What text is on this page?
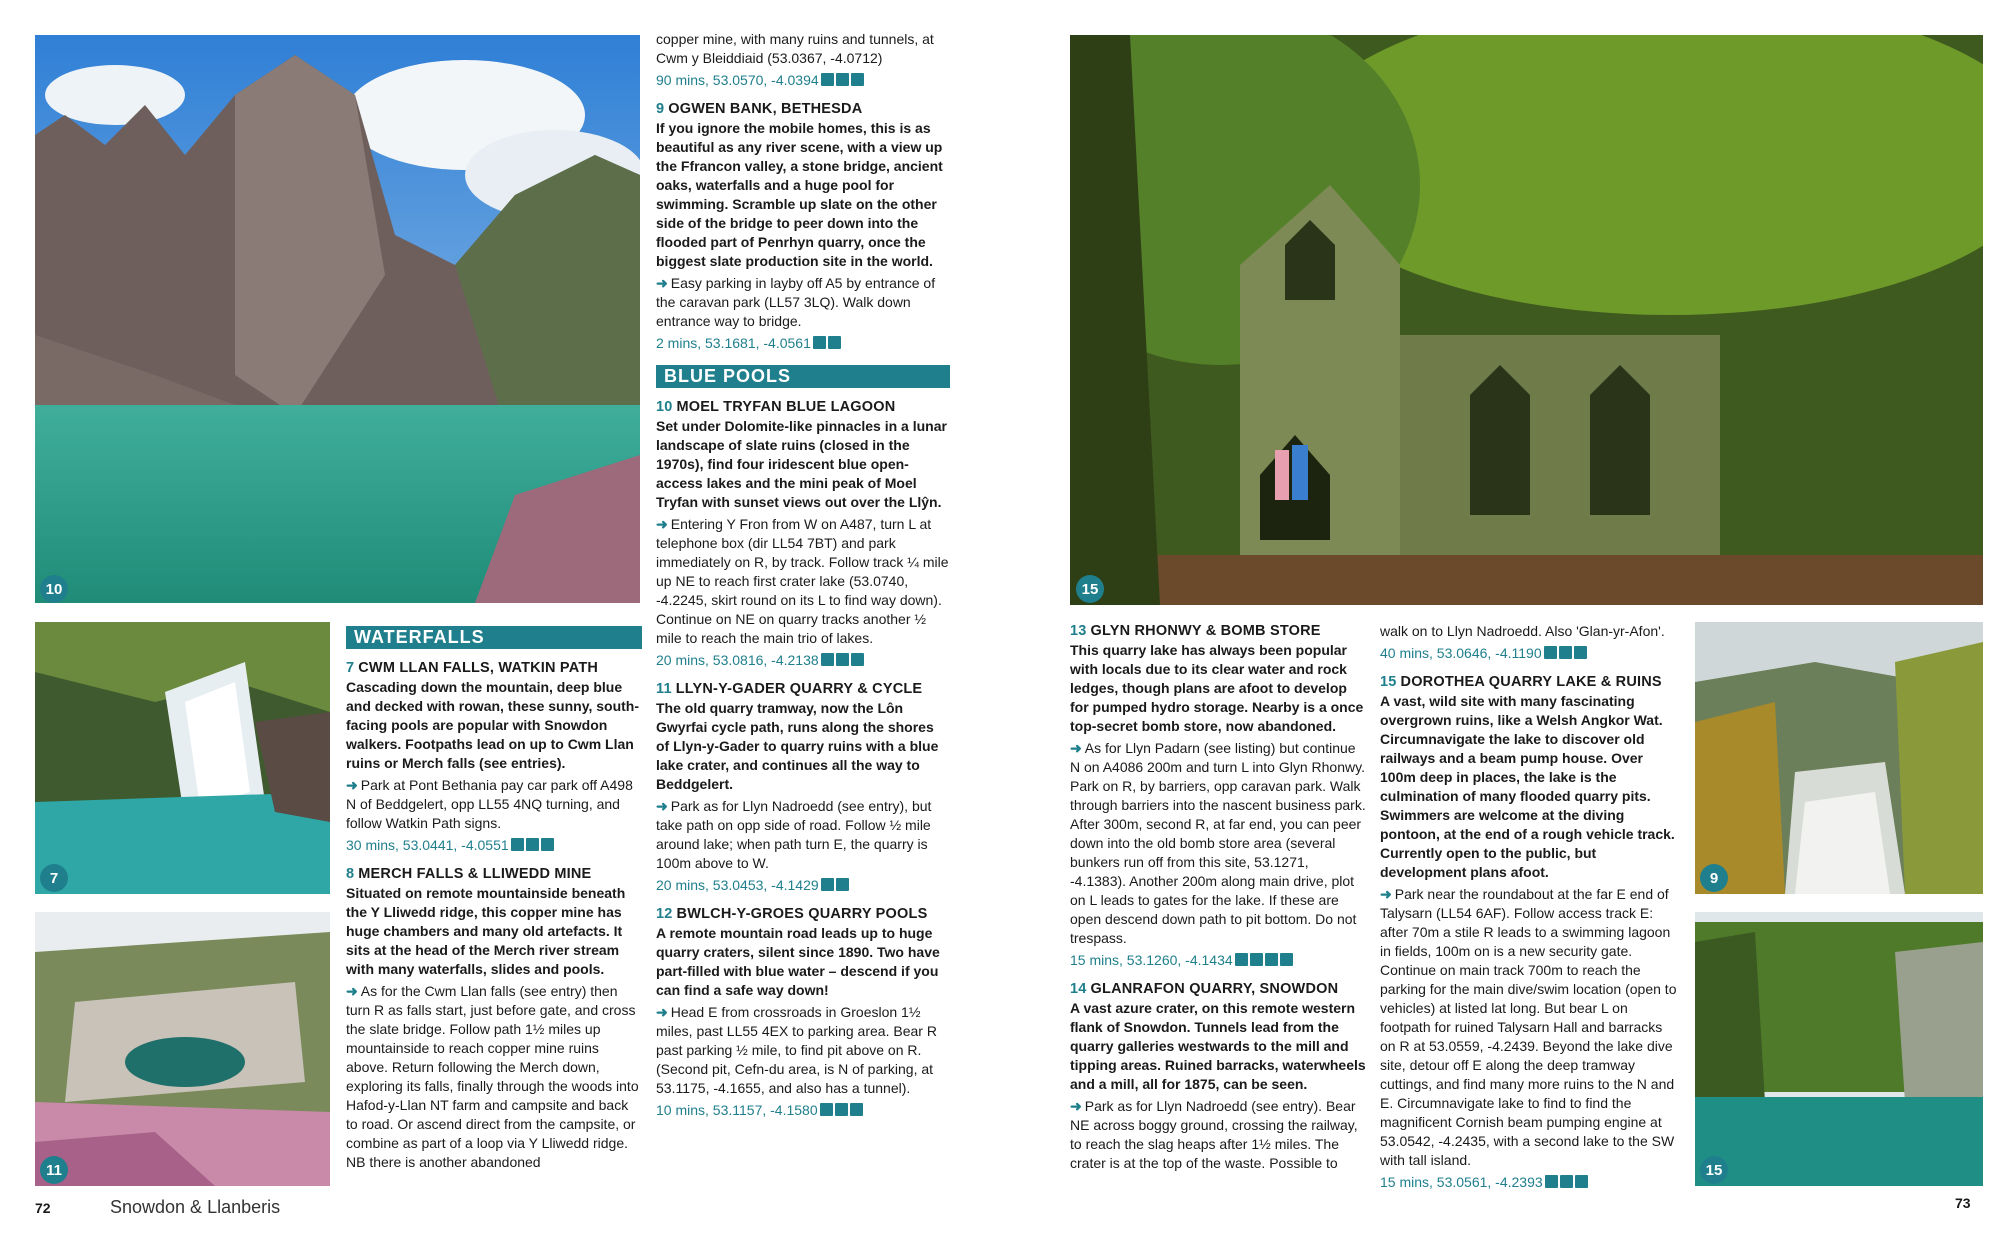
10
7
11
15
9
15

WATERFALLS

7 CWM LLAN FALLS, WATKIN PATH

Cascading down the mountain, deep blue and decked with rowan, these sunny, south-facing pools are popular with Snowdon walkers. Footpaths lead on up to Cwm Llan ruins or Merch falls (see entries).

➜ Park at Pont Bethania pay car park off A498 N of Beddgelert, opp LL55 4NQ turning, and follow Watkin Path signs.

30 mins, 53.0441, -4.0551

8 MERCH FALLS & LLIWEDD MINE

Situated on remote mountainside beneath the Y Lliwedd ridge, this copper mine has huge chambers and many old artefacts. It sits at the head of the Merch river stream with many waterfalls, slides and pools.

➜ As for the Cwm Llan falls (see entry) then turn R as falls start, just before gate, and cross the slate bridge. Follow path 1½ miles up mountainside to reach copper mine ruins above. Return following the Merch down, exploring its falls, finally through the woods into Hafod-y-Llan NT farm and campsite and back to road. Or ascend direct from the campsite, or combine as part of a loop via Y Lliwedd ridge. NB there is another abandoned

copper mine, with many ruins and tunnels, at Cwm y Bleiddiaid (53.0367, -4.0712)

90 mins, 53.0570, -4.0394

9 OGWEN BANK, BETHESDA

If you ignore the mobile homes, this is as beautiful as any river scene, with a view up the Ffrancon valley, a stone bridge, ancient oaks, waterfalls and a huge pool for swimming. Scramble up slate on the other side of the bridge to peer down into the flooded part of Penrhyn quarry, once the biggest slate production site in the world.

➜ Easy parking in layby off A5 by entrance of the caravan park (LL57 3LQ). Walk down entrance way to bridge.

2 mins, 53.1681, -4.0561

BLUE POOLS

10 MOEL TRYFAN BLUE LAGOON

Set under Dolomite-like pinnacles in a lunar landscape of slate ruins (closed in the 1970s), find four iridescent blue open-access lakes and the mini peak of Moel Tryfan with sunset views out over the Llŷn.

➜ Entering Y Fron from W on A487, turn L at telephone box (dir LL54 7BT) and park immediately on R, by track. Follow track ¼ mile up NE to reach first crater lake (53.0740, -4.2245, skirt round on its L to find way down). Continue on NE on quarry tracks another ½ mile to reach the main trio of lakes.

20 mins, 53.0816, -4.2138

11 LLYN-Y-GADER QUARRY & CYCLE

The old quarry tramway, now the Lôn Gwyrfai cycle path, runs along the shores of Llyn-y-Gader to quarry ruins with a blue lake crater, and continues all the way to Beddgelert.

➜ Park as for Llyn Nadroedd (see entry), but take path on opp side of road. Follow ½ mile around lake; when path turn E, the quarry is 100m above to W.

20 mins, 53.0453, -4.1429

12 BWLCH-Y-GROES QUARRY POOLS

A remote mountain road leads up to huge quarry craters, silent since 1890. Two have part-filled with blue water – descend if you can find a safe way down!

➜ Head E from crossroads in Groeslon 1½ miles, past LL55 4EX to parking area. Bear R past parking ½ mile, to find pit above on R. (Second pit, Cefn-du area, is N of parking, at 53.1175, -4.1655, and also has a tunnel).

10 mins, 53.1157, -4.1580

13 GLYN RHONWY & BOMB STORE

This quarry lake has always been popular with locals due to its clear water and rock ledges, though plans are afoot to develop for pumped hydro storage. Nearby is a once top-secret bomb store, now abandoned.

➜ As for Llyn Padarn (see listing) but continue N on A4086 200m and turn L into Glyn Rhonwy. Park on R, by barriers, opp caravan park. Walk through barriers into the nascent business park. After 300m, second R, at far end, you can peer down into the old bomb store area (several bunkers run off from this site, 53.1271, -4.1383). Another 200m along main drive, plot on L leads to gates for the lake. If these are open descend down path to pit bottom. Do not trespass.

15 mins, 53.1260, -4.1434

14 GLANRAFON QUARRY, SNOWDON

A vast azure crater, on this remote western flank of Snowdon. Tunnels lead from the quarry galleries westwards to the mill and tipping areas. Ruined barracks, waterwheels and a mill, all for 1875, can be seen.

➜ Park as for Llyn Nadroedd (see entry). Bear NE across boggy ground, crossing the railway, to reach the slag heaps after 1½ miles. The crater is at the top of the waste. Possible to

walk on to Llyn Nadroedd. Also 'Glan-yr-Afon'.

40 mins, 53.0646, -4.1190

15 DOROTHEA QUARRY LAKE & RUINS

A vast, wild site with many fascinating overgrown ruins, like a Welsh Angkor Wat. Circumnavigate the lake to discover old railways and a beam pump house. Over 100m deep in places, the lake is the culmination of many flooded quarry pits. Swimmers are welcome at the diving pontoon, at the end of a rough vehicle track. Currently open to the public, but development plans afoot.

➜ Park near the roundabout at the far E end of Talysarn (LL54 6AF). Follow access track E: after 70m a stile R leads to a swimming lagoon in fields, 100m on is a new security gate. Continue on main track 700m to reach the parking for the main dive/swim location (open to vehicles) at listed lat long. But bear L on footpath for ruined Talysarn Hall and barracks on R at 53.0559, -4.2439. Beyond the lake dive site, detour off E along the deep tramway cuttings, and find many more ruins to the N and E. Circumnavigate lake to find to find the magnificent Cornish beam pumping engine at 53.0542, -4.2435, with a second lake to the SW with tall island.

15 mins, 53.0561, -4.2393

72	Snowdon & Llanberis	73
